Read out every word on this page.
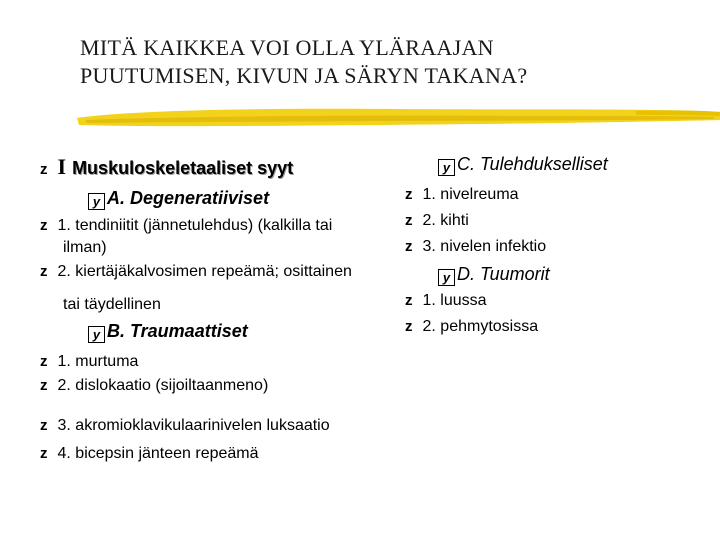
MITÄ KAIKKEA VOI OLLA YLÄRAAJAN
PUUTUMISEN, KIVUN JA SÄRYN TAKANA?
z I Muskuloskeletaaliset syyt
y A. Degeneratiiviset
z 1. tendiniitit (jännetulehdus) (kalkilla tai
ilman)
z 2. kiertäjäkalvosimen repeämä; osittainen
tai täydellinen
y B. Traumaattiset
z 1. murtuma
z 2. dislokaatio (sijoiltaanmeno)
z 3. akromioklavikulaarinivelen luksaatio
z 4. bicepsin jänteen repeämä
y C. Tulehdukselliset
z 1. nivelreuma
z 2. kihti
z 3. nivelen infektio
y D. Tuumorit
z 1. luussa
z 2. pehmytosissa
